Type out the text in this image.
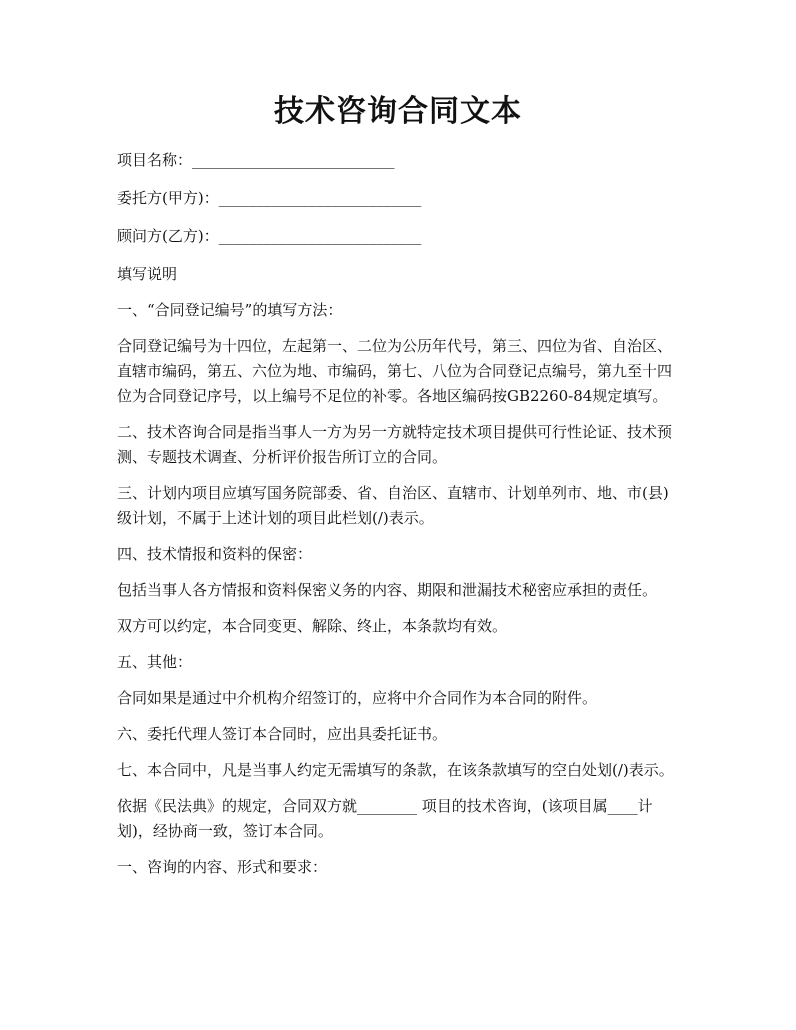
技术咨询合同文本
项目名称：___________________________
委托方(甲方)：___________________________
顾问方(乙方)：___________________________

填写说明

一、“合同登记编号”的填写方法：

合同登记编号为十四位，左起第一、二位为公历年代号，第三、四位为省、自治区、直辖市编码，第五、六位为地、市编码，第七、八位为合同登记点编号，第九至十四位为合同登记序号，以上编号不足位的补零。各地区编码按GB2260-84规定填写。

二、技术咨询合同是指当事人一方为另一方就特定技术项目提供可行性论证、技术预测、专题技术调查、分析评价报告所订立的合同。

三、计划内项目应填写国务院部委、省、自治区、直辖市、计划单列市、地、市(县)级计划，不属于上述计划的项目此栏划(/)表示。

四、技术情报和资料的保密：

包括当事人各方情报和资料保密义务的内容、期限和泄漏技术秘密应承担的责任。

双方可以约定，本合同变更、解除、终止，本条款均有效。

五、其他：

合同如果是通过中介机构介绍签订的，应将中介合同作为本合同的附件。

六、委托代理人签订本合同时，应出具委托证书。

七、本合同中，凡是当事人约定无需填写的条款，在该条款填写的空白处划(/)表示。

依据《民法典》的规定，合同双方就________ 项目的技术咨询，(该项目属____计划)，经协商一致，签订本合同。

一、咨询的内容、形式和要求：
